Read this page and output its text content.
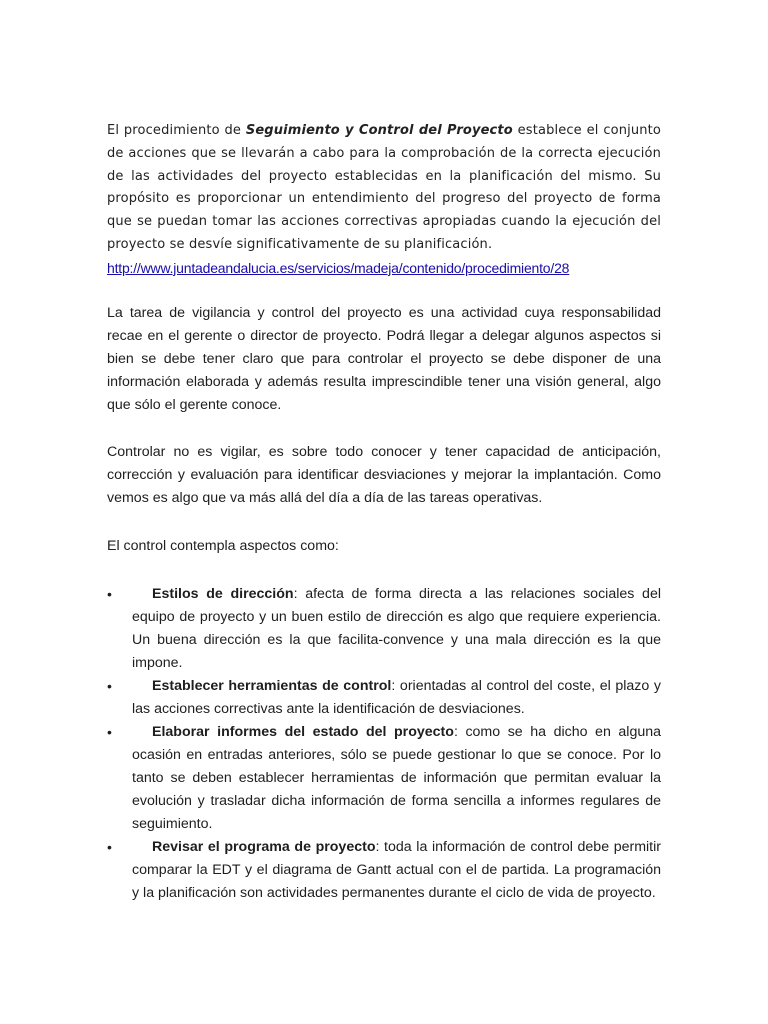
El procedimiento de Seguimiento y Control del Proyecto establece el conjunto de acciones que se llevarán a cabo para la comprobación de la correcta ejecución de las actividades del proyecto establecidas en la planificación del mismo. Su propósito es proporcionar un entendimiento del progreso del proyecto de forma que se puedan tomar las acciones correctivas apropiadas cuando la ejecución del proyecto se desvíe significativamente de su planificación.
http://www.juntadeandalucia.es/servicios/madeja/contenido/procedimiento/28
La tarea de vigilancia y control del proyecto es una actividad cuya responsabilidad recae en el gerente o director de proyecto. Podrá llegar a delegar algunos aspectos si bien se debe tener claro que para controlar el proyecto se debe disponer de una información elaborada y además resulta imprescindible tener una visión general, algo que sólo el gerente conoce.
Controlar no es vigilar, es sobre todo conocer y tener capacidad de anticipación, corrección y evaluación para identificar desviaciones y mejorar la implantación. Como vemos es algo que va más allá del día a día de las tareas operativas.
El control contempla aspectos como:
•	Estilos de dirección: afecta de forma directa a las relaciones sociales del equipo de proyecto y un buen estilo de dirección es algo que requiere experiencia. Un buena dirección es la que facilita-convence y una mala dirección es la que impone.
•	Establecer herramientas de control: orientadas al control del coste, el plazo y las acciones correctivas ante la identificación de desviaciones.
•	Elaborar informes del estado del proyecto: como se ha dicho en alguna ocasión en entradas anteriores, sólo se puede gestionar lo que se conoce. Por lo tanto se deben establecer herramientas de información que permitan evaluar la evolución y trasladar dicha información de forma sencilla a informes regulares de seguimiento.
•	Revisar el programa de proyecto: toda la información de control debe permitir comparar la EDT y el diagrama de Gantt actual con el de partida. La programación y la planificación son actividades permanentes durante el ciclo de vida de proyecto.
